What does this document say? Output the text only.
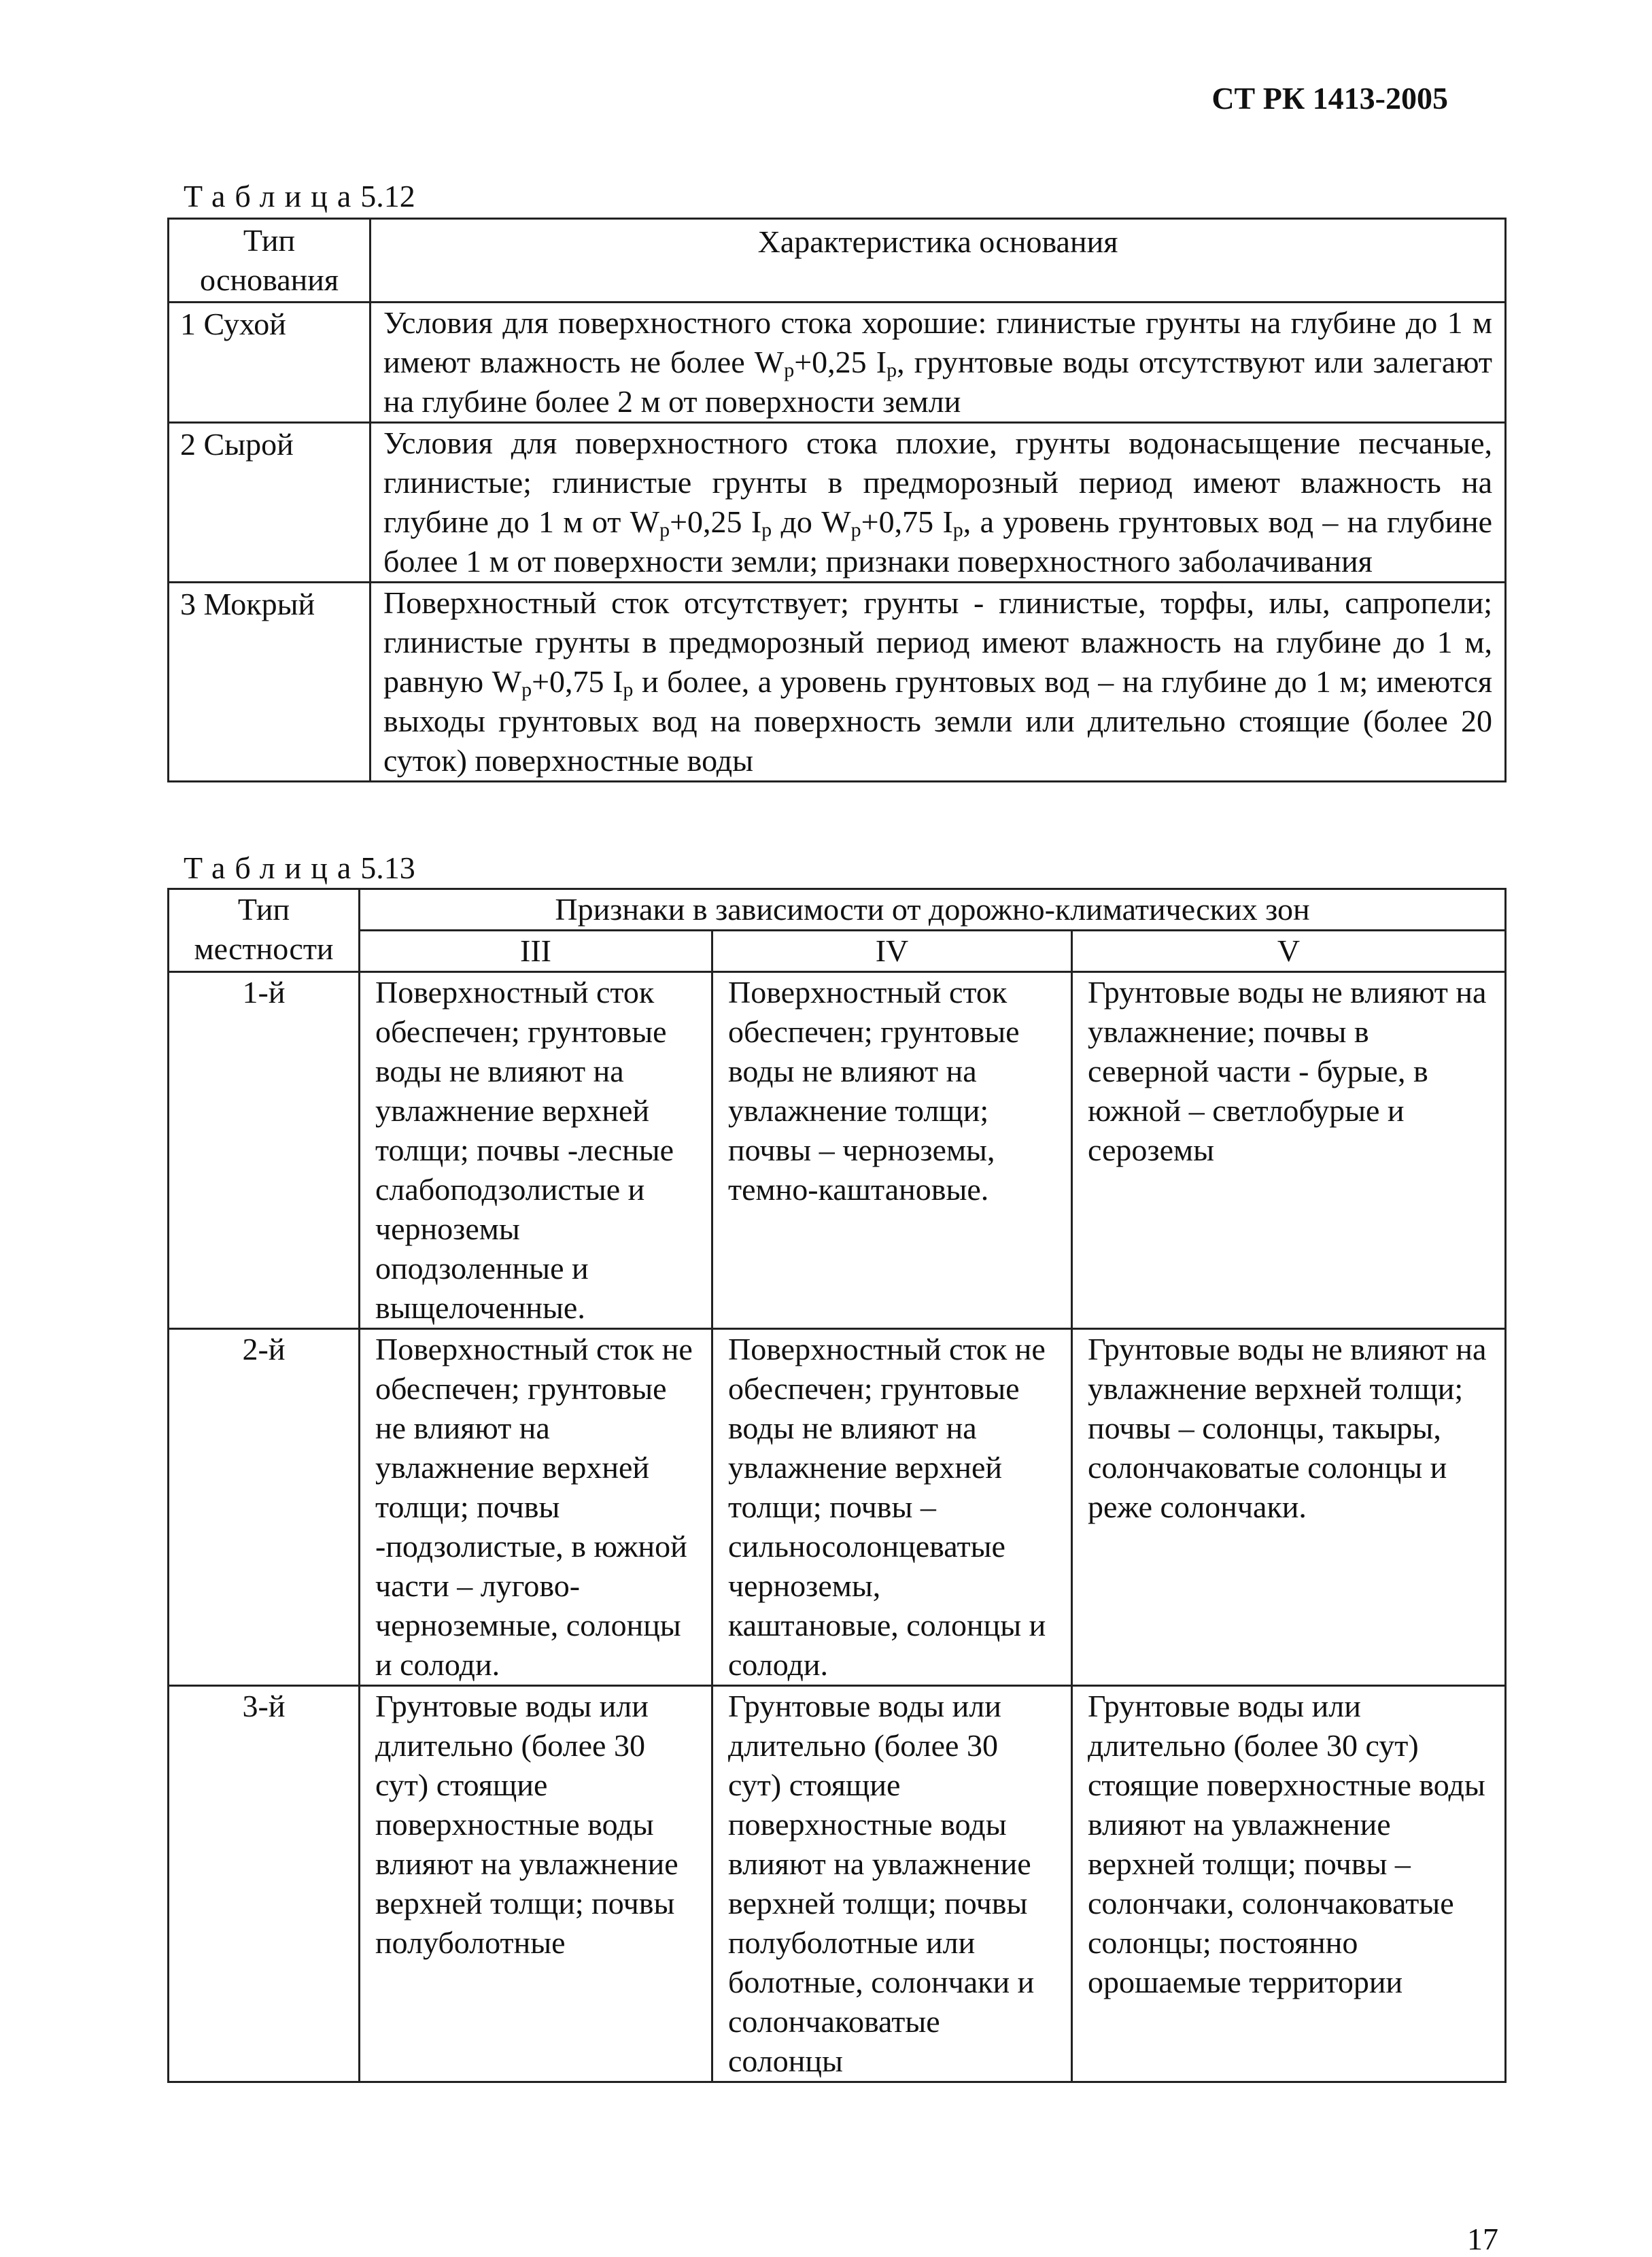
СТ РК 1413-2005
Таблица5.12
Тип основания	Характеристика основания
1 Сухой	Условия для поверхностного стока хорошие: глинистые грунты на глубине до 1 м имеют влажность не более $W_р+0,25$ $I_р$, грунтовые воды отсутствуют или залегают на глубине более 2 м от поверхности земли
2 Сырой	Условия для поверхностного стока плохие, грунты водонасыщение песчаные, глинистые; глинистые грунты в предморозный период имеют влажность на глубине до 1 м от $W_р+0,25$ $I_р$ до $W_р+0,75$ $I_р$, а уровень грунтовых вод – на глубине более 1 м от поверхности земли; признаки поверхностного заболачивания
3 Мокрый	Поверхностный сток отсутствует; грунты - глинистые, торфы, илы, сапропели; глинистые грунты в предморозный период имеют влажность на глубине до 1 м, равную $W_р+0,75$ $I_р$ и более, а уровень грунтовых вод – на глубине до 1 м; имеются выходы грунтовых вод на поверхность земли или длительно стоящие (более 20 суток) поверхностные воды
Таблица5.13
Тип местности	Признаки в зависимости от дорожно-климатических зон		
	III	IV	V
1-й	Поверхностный сток обеспечен; грунтовые воды не влияют на увлажнение верхней толщи; почвы -лесные слабоподзолистые и черноземы оподзоленные и выщелоченные.	Поверхностный сток обеспечен; грунтовые воды не влияют на увлажнение толщи; почвы – черноземы, темно-каштановые.	Грунтовые воды не влияют на увлажнение; почвы в северной части - бурые, в южной – светлобурые и сероземы
2-й	Поверхностный сток не обеспечен; грунтовые не влияют на увлажнение верхней толщи; почвы -подзолистые, в южной части – лугово-черноземные, солонцы и солоди.	Поверхностный сток не обеспечен; грунтовые воды не влияют на увлажнение верхней толщи; почвы – сильносолонцеватые черноземы, каштановые, солонцы и солоди.	Грунтовые воды не влияют на увлажнение верхней толщи; почвы – солонцы, такыры, солончаковатые солонцы и реже солончаки.
3-й	Грунтовые воды или длительно (более 30 сут) стоящие поверхностные воды влияют на увлажнение верхней толщи; почвы полуболотные	Грунтовые воды или длительно (более 30 сут) стоящие поверхностные воды влияют на увлажнение верхней толщи; почвы полуболотные или болотные, солончаки и солончаковатые солонцы	Грунтовые воды или длительно (более 30 сут) стоящие поверхностные воды влияют на увлажнение верхней толщи; почвы – солончаки, солончаковатые солонцы; постоянно орошаемые территории
17
